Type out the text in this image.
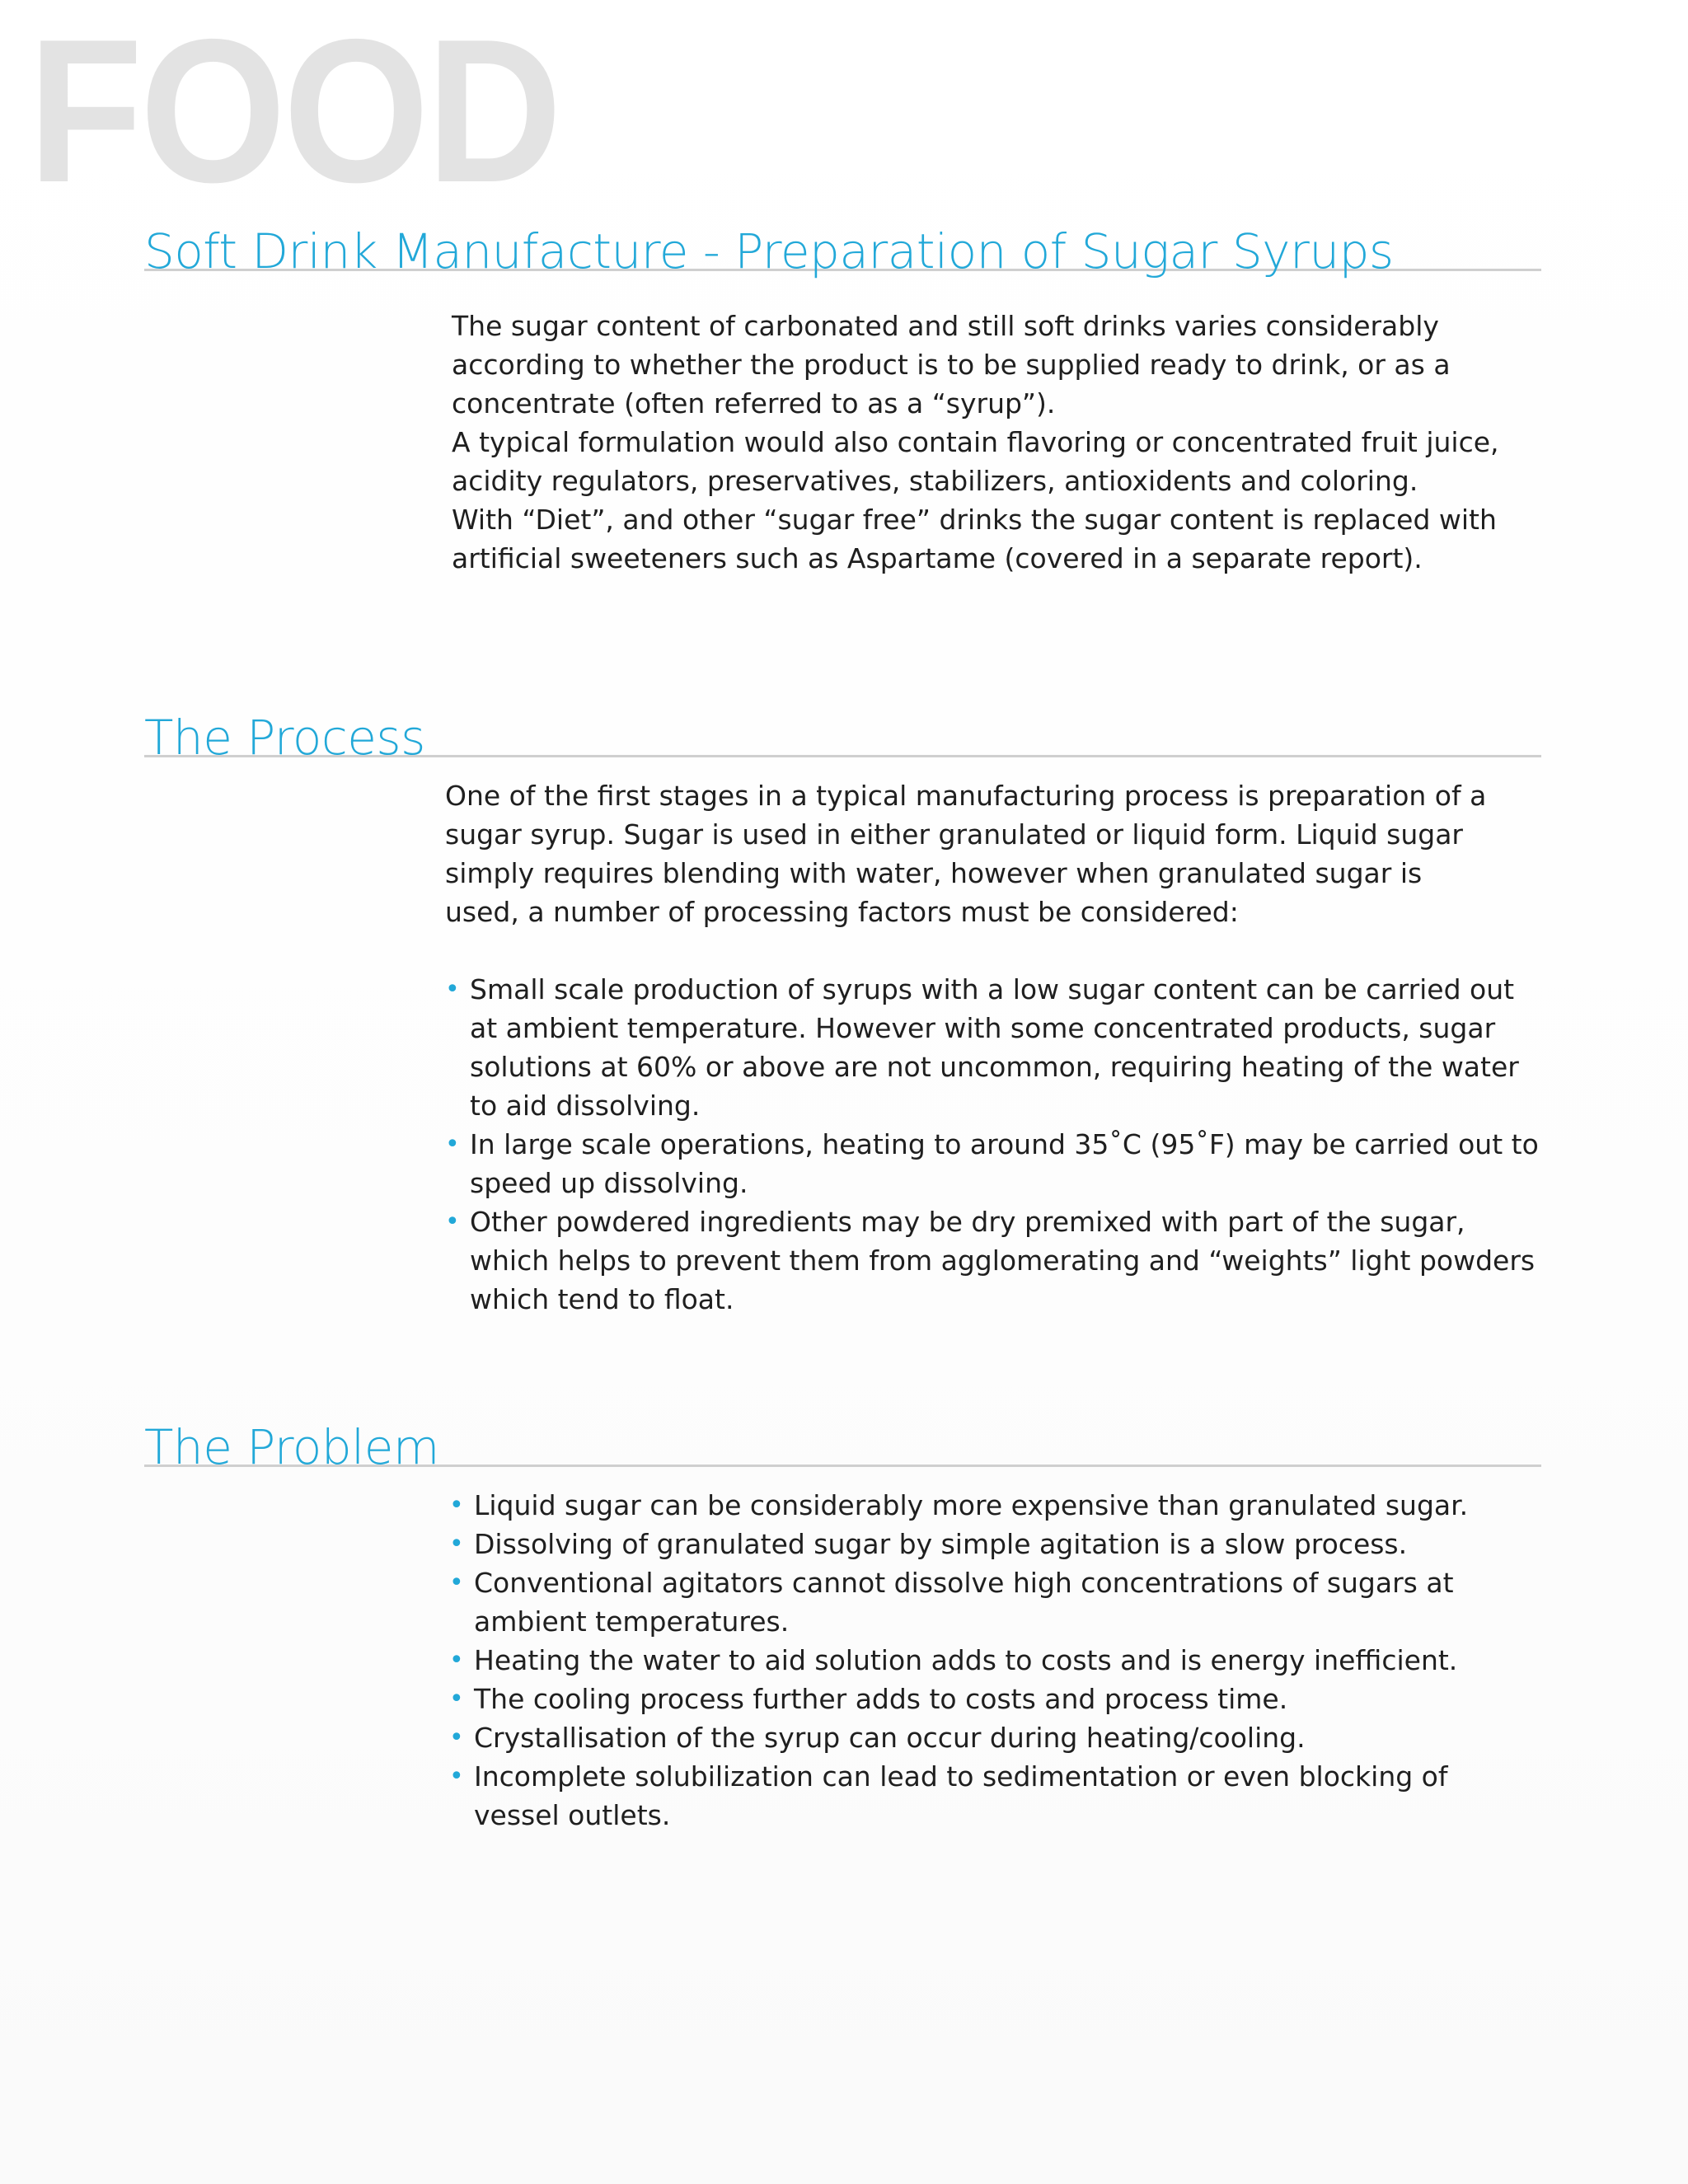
FOOD
Soft Drink Manufacture - Preparation of Sugar Syrups

The sugar content of carbonated and still soft drinks varies considerably according to whether the product is to be supplied ready to drink, or as a concentrate (often referred to as a “syrup”).

A typical formulation would also contain flavoring or concentrated fruit juice, acidity regulators, preservatives, stabilizers, antioxidents and coloring.

With “Diet”, and other “sugar free” drinks the sugar content is replaced with artificial sweeteners such as Aspartame (covered in a separate report).

The Process

One of the first stages in a typical manufacturing process is preparation of a sugar syrup. Sugar is used in either granulated or liquid form. Liquid sugar simply requires blending with water, however when granulated sugar is used, a number of processing factors must be considered:

• Small scale production of syrups with a low sugar content can be carried out at ambient temperature. However with some concentrated products, sugar solutions at 60% or above are not uncommon, requiring heating of the water to aid dissolving.
• In large scale operations, heating to around 35˚C (95˚F) may be carried out to speed up dissolving.
• Other powdered ingredients may be dry premixed with part of the sugar, which helps to prevent them from agglomerating and “weights” light powders which tend to float.
The Problem
• Liquid sugar can be considerably more expensive than granulated sugar.
• Dissolving of granulated sugar by simple agitation is a slow process.
• Conventional agitators cannot dissolve high concentrations of sugars at ambient temperatures.
• Heating the water to aid solution adds to costs and is energy inefficient.
• The cooling process further adds to costs and process time.
• Crystallisation of the syrup can occur during heating/cooling.
• Incomplete solubilization can lead to sedimentation or even blocking of vessel outlets.
